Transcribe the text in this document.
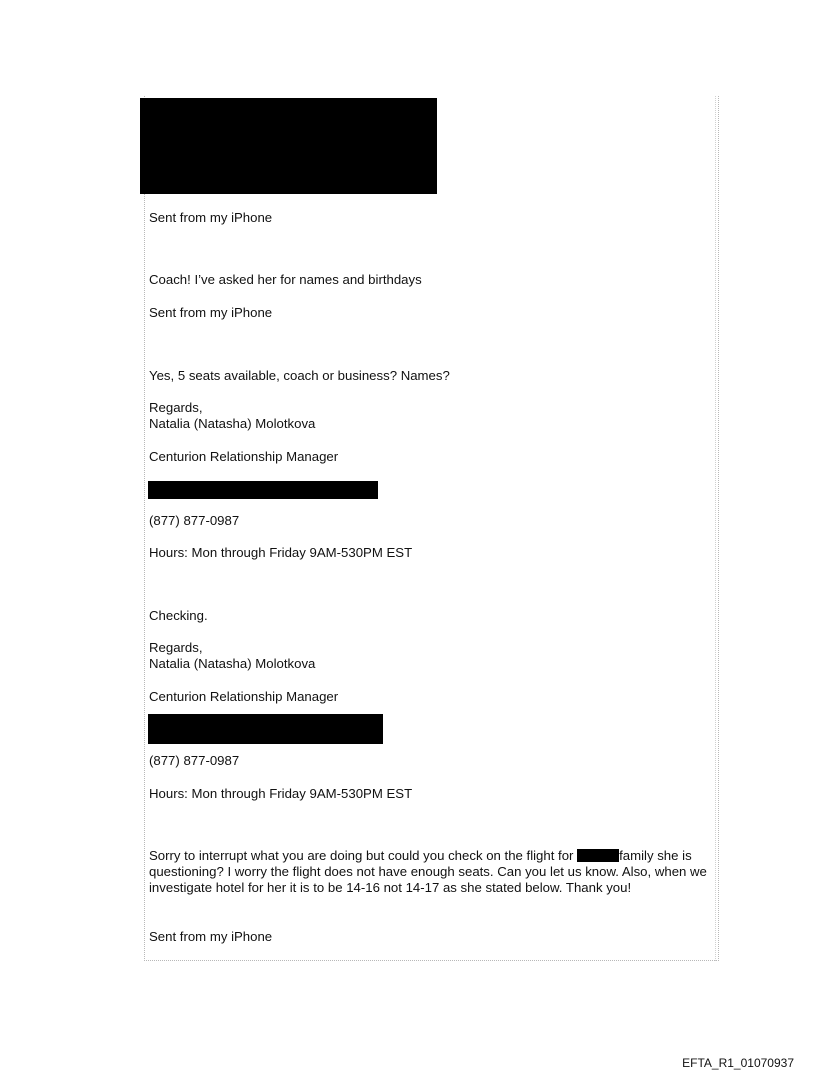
Sent from my iPhone
Coach! I’ve asked her for names and birthdays
Sent from my iPhone
Yes, 5 seats available, coach or business? Names?
Regards,
Natalia (Natasha) Molotkova
Centurion Relationship Manager
(877) 877-0987
Hours: Mon through Friday 9AM-530PM EST
Checking.
Regards,
Natalia (Natasha) Molotkova
Centurion Relationship Manager
(877) 877-0987
Hours: Mon through Friday 9AM-530PM EST
Sorry to interrupt what you are doing but could you check on the flight for	family she is questioning? I worry the flight does not have enough seats. Can you let us know. Also, when we investigate hotel for her it is to be 14-16 not 14-17 as she stated below. Thank you!
Sent from my iPhone
EFTA_R1_01070937
